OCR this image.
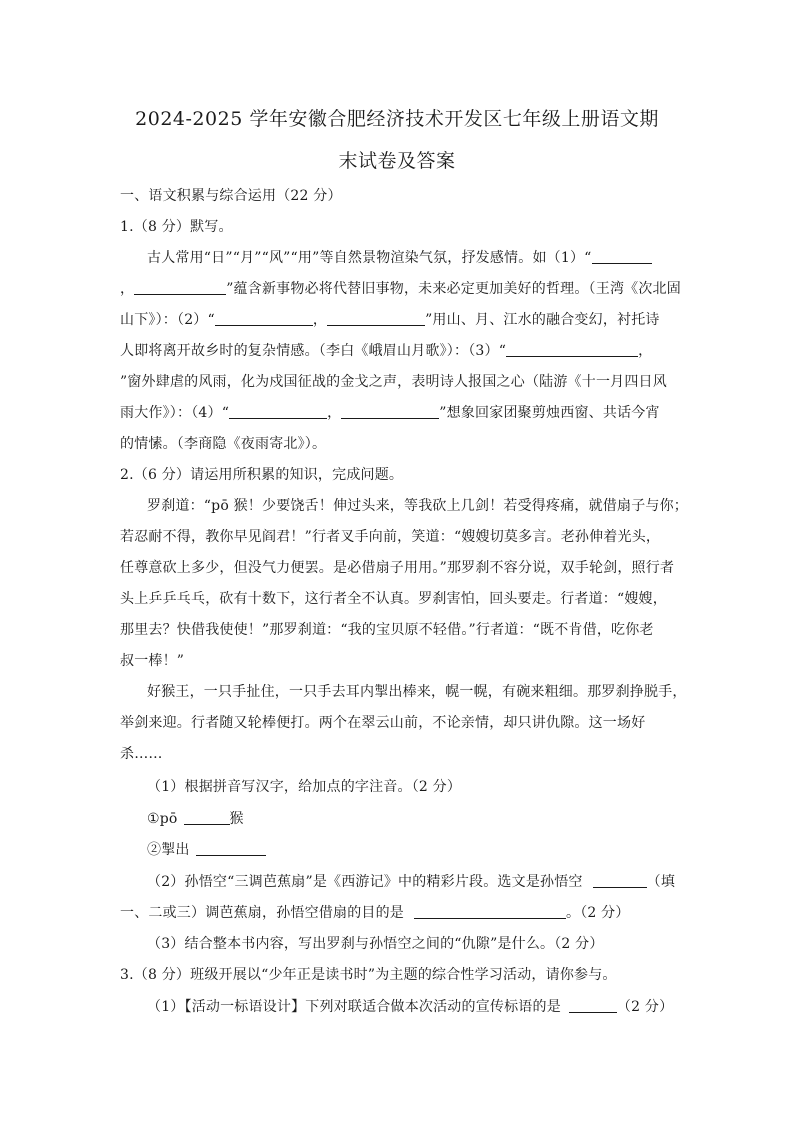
2024-2025 学年安徽合肥经济技术开发区七年级上册语文期
末试卷及答案
一、语文积累与综合运用（22 分）
1.（8 分）默写。
古人常用“日”“月”“风”“用”等自然景物渲染气氛，抒发感情。如（1）“
，	”蕴含新事物必将代替旧事物，未来必定更加美好的哲理。（王湾《次北固
山下》）：（2）“	，	”用山、月、江水的融合变幻，衬托诗
人即将离开故乡时的复杂情感。（李白《峨眉山月歌》）：（3）“	，
”窗外肆虐的风雨，化为戍国征战的金戈之声，表明诗人报国之心（陆游《十一月四日风
雨大作》）：（4）“	，	”想象回家团聚剪烛西窗、共话今宵
的情愫。（李商隐《夜雨寄北》）。
2.（6 分）请运用所积累的知识，完成问题。
罗刹道：“pō 猴！少要饶舌！伸过头来，等我砍上几剑！若受得疼痛，就借扇子与你；
若忍耐不得，教你早见阎君！”行者叉手向前，笑道：“嫂嫂切莫多言。老孙伸着光头，
任尊意砍上多少，但没气力便罢。是必借扇子用用。”那罗刹不容分说，双手轮剑，照行者
头上乒乒乓乓，砍有十数下，这行者全不认真。罗刹害怕，回头要走。行者道：“嫂嫂，
那里去？快借我使使！”那罗刹道：“我的宝贝原不轻借。”行者道：“既不肯借，吃你老
叔一棒！”
好猴王，一只手扯住，一只手去耳内掣出棒来，幌一幌，有碗来粗细。那罗刹挣脱手，
举剑来迎。行者随又轮棒便打。两个在翠云山前，不论亲情，却只讲仇隙。这一场好
杀……
（1）根据拼音写汉字，给加点的字注音。（2 分）
①pō	猴
②掣出
（2）孙悟空“三调芭蕉扇”是《西游记》中的精彩片段。选文是孙悟空	（填
一、二或三）调芭蕉扇，孙悟空借扇的目的是	。（2 分）
（3）结合整本书内容，写出罗刹与孙悟空之间的“仇隙”是什么。（2 分）
3.（8 分）班级开展以“少年正是读书时”为主题的综合性学习活动，请你参与。
（1）【活动一标语设计】下列对联适合做本次活动的宣传标语的是	（2 分）
